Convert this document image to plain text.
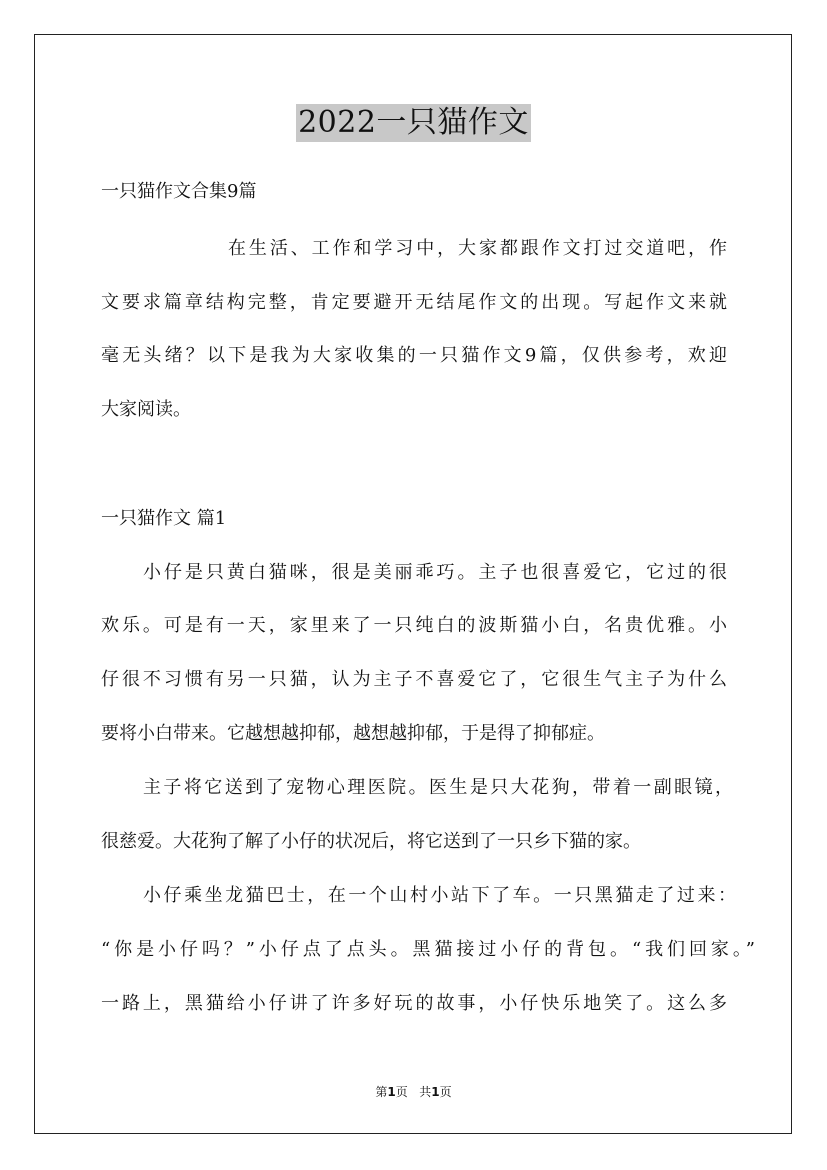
2022一只猫作文
一只猫作文合集9篇
在生活、工作和学习中，大家都跟作文打过交道吧，作
文要求篇章结构完整，肯定要避开无结尾作文的出现。写起作文来就
毫无头绪？以下是我为大家收集的一只猫作文9篇，仅供参考，欢迎
大家阅读。
一只猫作文 篇1
小仔是只黄白猫咪，很是美丽乖巧。主子也很喜爱它，它过的很
欢乐。可是有一天，家里来了一只纯白的波斯猫小白，名贵优雅。小
仔很不习惯有另一只猫，认为主子不喜爱它了，它很生气主子为什么
要将小白带来。它越想越抑郁，越想越抑郁，于是得了抑郁症。
主子将它送到了宠物心理医院。医生是只大花狗，带着一副眼镜，
很慈爱。大花狗了解了小仔的状况后，将它送到了一只乡下猫的家。
小仔乘坐龙猫巴士，在一个山村小站下了车。一只黑猫走了过来：
“你是小仔吗？”小仔点了点头。黑猫接过小仔的背包。“我们回家。”
一路上，黑猫给小仔讲了许多好玩的故事，小仔快乐地笑了。这么多
第1页 共1页
